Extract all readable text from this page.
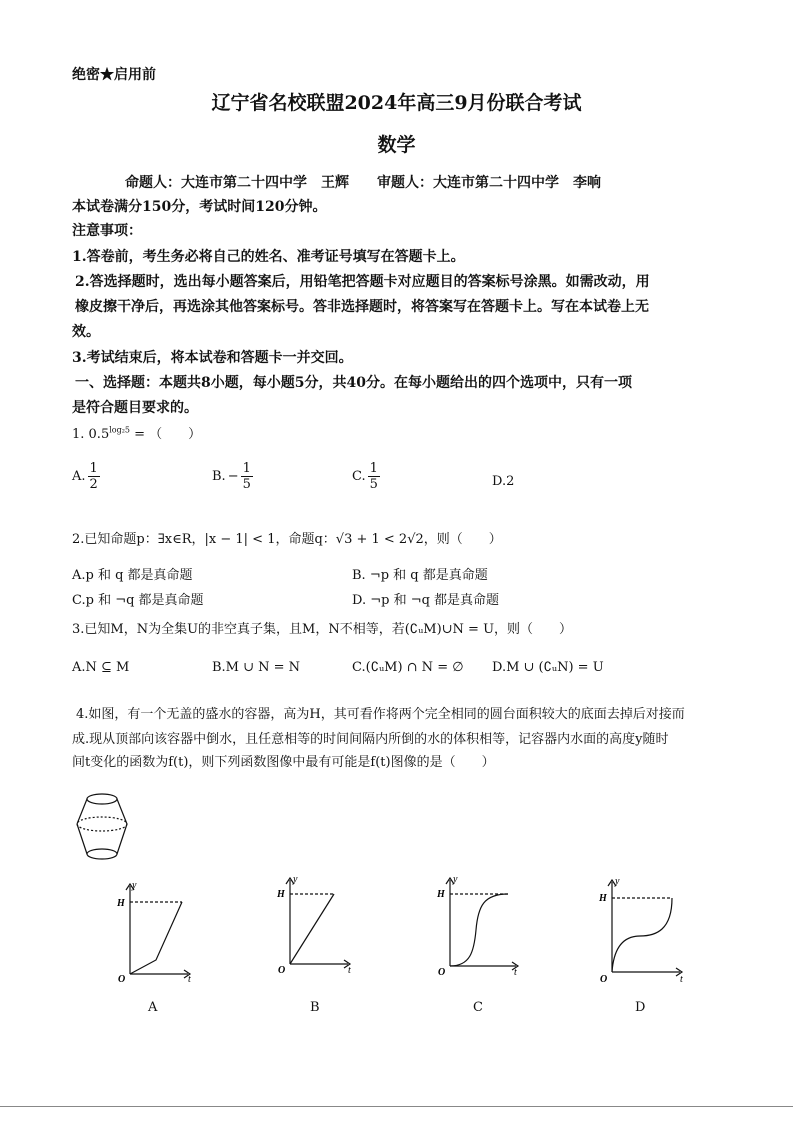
绝密★启用前
辽宁省名校联盟2024年高三9月份联合考试
数学
命题人：大连市第二十四中学　王辉　　审题人：大连市第二十四中学　李响
本试卷满分150分，考试时间120分钟。
注意事项：
1.答卷前，考生务必将自己的姓名、准考证号填写在答题卡上。
2.答选择题时，选出每小题答案后，用铅笔把答题卡对应题目的答案标号涂黑。如需改动，用
橡皮擦干净后，再选涂其他答案标号。答非选择题时，将答案写在答题卡上。写在本试卷上无
效。
3.考试结束后，将本试卷和答题卡一并交回。
一、选择题：本题共8小题，每小题5分，共40分。在每小题给出的四个选项中，只有一项
是符合题目要求的。
1. $0.5^{log_25}$ = （　　）
A. $\frac{1}{2}$	B. − $\frac{1}{5}$	C. $\frac{1}{5}$	D.2
2.已知命题p：∃x∈R，|x − 1| < 1，命题q：√3 + 1 < 2√2，则（　　）
A.p 和 q 都是真命题	B. ¬p 和 q 都是真命题
C.p 和 ¬q 都是真命题	D. ¬p 和 ¬q 都是真命题
3.已知M，N为全集U的非空真子集，且M，N不相等，若(∁ᵤM)∪N = U，则（　　）
A.N ⊆ M	B.M ∪ N = N	C.(∁ᵤM) ∩ N = ∅ D.M ∪ (∁ᵤN) = U
4.如图，有一个无盖的盛水的容器，高为H，其可看作将两个完全相同的圆台面积较大的底面去掉后对接而
成.现从顶部向该容器中倒水，且任意相等的时间间隔内所倒的水的体积相等，记容器内水面的高度y随时
间t变化的函数为f(t)，则下列函数图像中最有可能是f(t)图像的是（　　）
y
H
O	t
A
y
H
O	t
B
y
H
O	t
C
y
H
O	t
D
